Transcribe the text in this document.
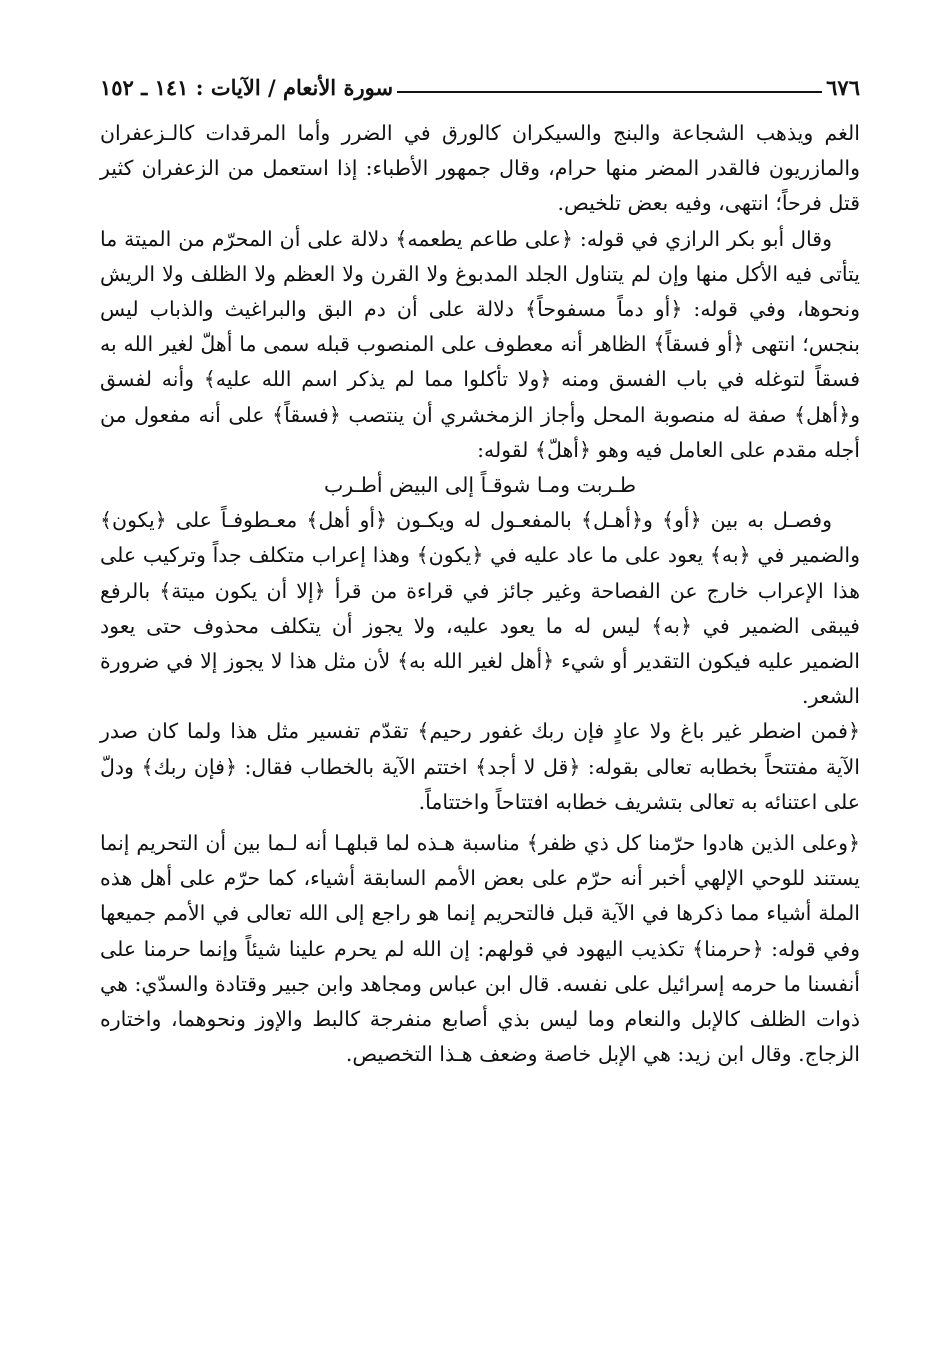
٦٧٦
سورة الأنعام / الآيات : ١٤١ ـ ١٥٢

الغم ويذهب الشجاعة والبنج والسيكران كالورق في الضرر وأما المرقدات كالـزعفران والمازريون فالقدر المضر منها حرام، وقال جمهور الأطباء: إذا استعمل من الزعفران كثير قتل فرحاً؛ انتهى، وفيه بعض تلخيص.

وقال أبو بكر الرازي في قوله: ﴿على طاعم يطعمه﴾ دلالة على أن المحرّم من الميتة ما يتأتى فيه الأكل منها وإن لم يتناول الجلد المدبوغ ولا القرن ولا العظم ولا الظلف ولا الريش ونحوها، وفي قوله: ﴿أو دماً مسفوحاً﴾ دلالة على أن دم البق والبراغيث والذباب ليس بنجس؛ انتهى ﴿أو فسقاً﴾ الظاهر أنه معطوف على المنصوب قبله سمى ما أهلّ لغير الله به فسقاً لتوغله في باب الفسق ومنه ﴿ولا تأكلوا مما لم يذكر اسم الله عليه﴾ وأنه لفسق و﴿أهل﴾ صفة له منصوبة المحل وأجاز الزمخشري أن ينتصب ﴿فسقاً﴾ على أنه مفعول من أجله مقدم على العامل فيه وهو ﴿أهلّ﴾ لقوله:

طـربت ومـا شوقـاً إلى البيض أطـرب

وفصـل به بين ﴿أو﴾ و﴿أهـل﴾ بالمفعـول له ويكـون ﴿أو أهل﴾ معـطوفـاً على ﴿يكون﴾ والضمير في ﴿به﴾ يعود على ما عاد عليه في ﴿يكون﴾ وهذا إعراب متكلف جداً وتركيب على هذا الإعراب خارج عن الفصاحة وغير جائز في قراءة من قرأ ﴿إلا أن يكون ميتة﴾ بالرفع فيبقى الضمير في ﴿به﴾ ليس له ما يعود عليه، ولا يجوز أن يتكلف محذوف حتى يعود الضمير عليه فيكون التقدير أو شيء ﴿أهل لغير الله به﴾ لأن مثل هذا لا يجوز إلا في ضرورة الشعر.

﴿فمن اضطر غير باغ ولا عادٍ فإن ربك غفور رحيم﴾ تقدّم تفسير مثل هذا ولما كان صدر الآية مفتتحاً بخطابه تعالى بقوله: ﴿قل لا أجد﴾ اختتم الآية بالخطاب فقال: ﴿فإن ربك﴾ ودلّ على اعتنائه به تعالى بتشريف خطابه افتتاحاً واختتاماً.

﴿وعلى الذين هادوا حرّمنا كل ذي ظفر﴾ مناسبة هـذه لما قبلهـا أنه لـما بين أن التحريم إنما يستند للوحي الإلهي أخبر أنه حرّم على بعض الأمم السابقة أشياء، كما حرّم على أهل هذه الملة أشياء مما ذكرها في الآية قبل فالتحريم إنما هو راجع إلى الله تعالى في الأمم جميعها وفي قوله: ﴿حرمنا﴾ تكذيب اليهود في قولهم: إن الله لم يحرم علينا شيئاً وإنما حرمنا على أنفسنا ما حرمه إسرائيل على نفسه. قال ابن عباس ومجاهد وابن جبير وقتادة والسدّي: هي ذوات الظلف كالإبل والنعام وما ليس بذي أصابع منفرجة كالبط والإوز ونحوهما، واختاره الزجاج. وقال ابن زيد: هي الإبل خاصة وضعف هـذا التخصيص.
